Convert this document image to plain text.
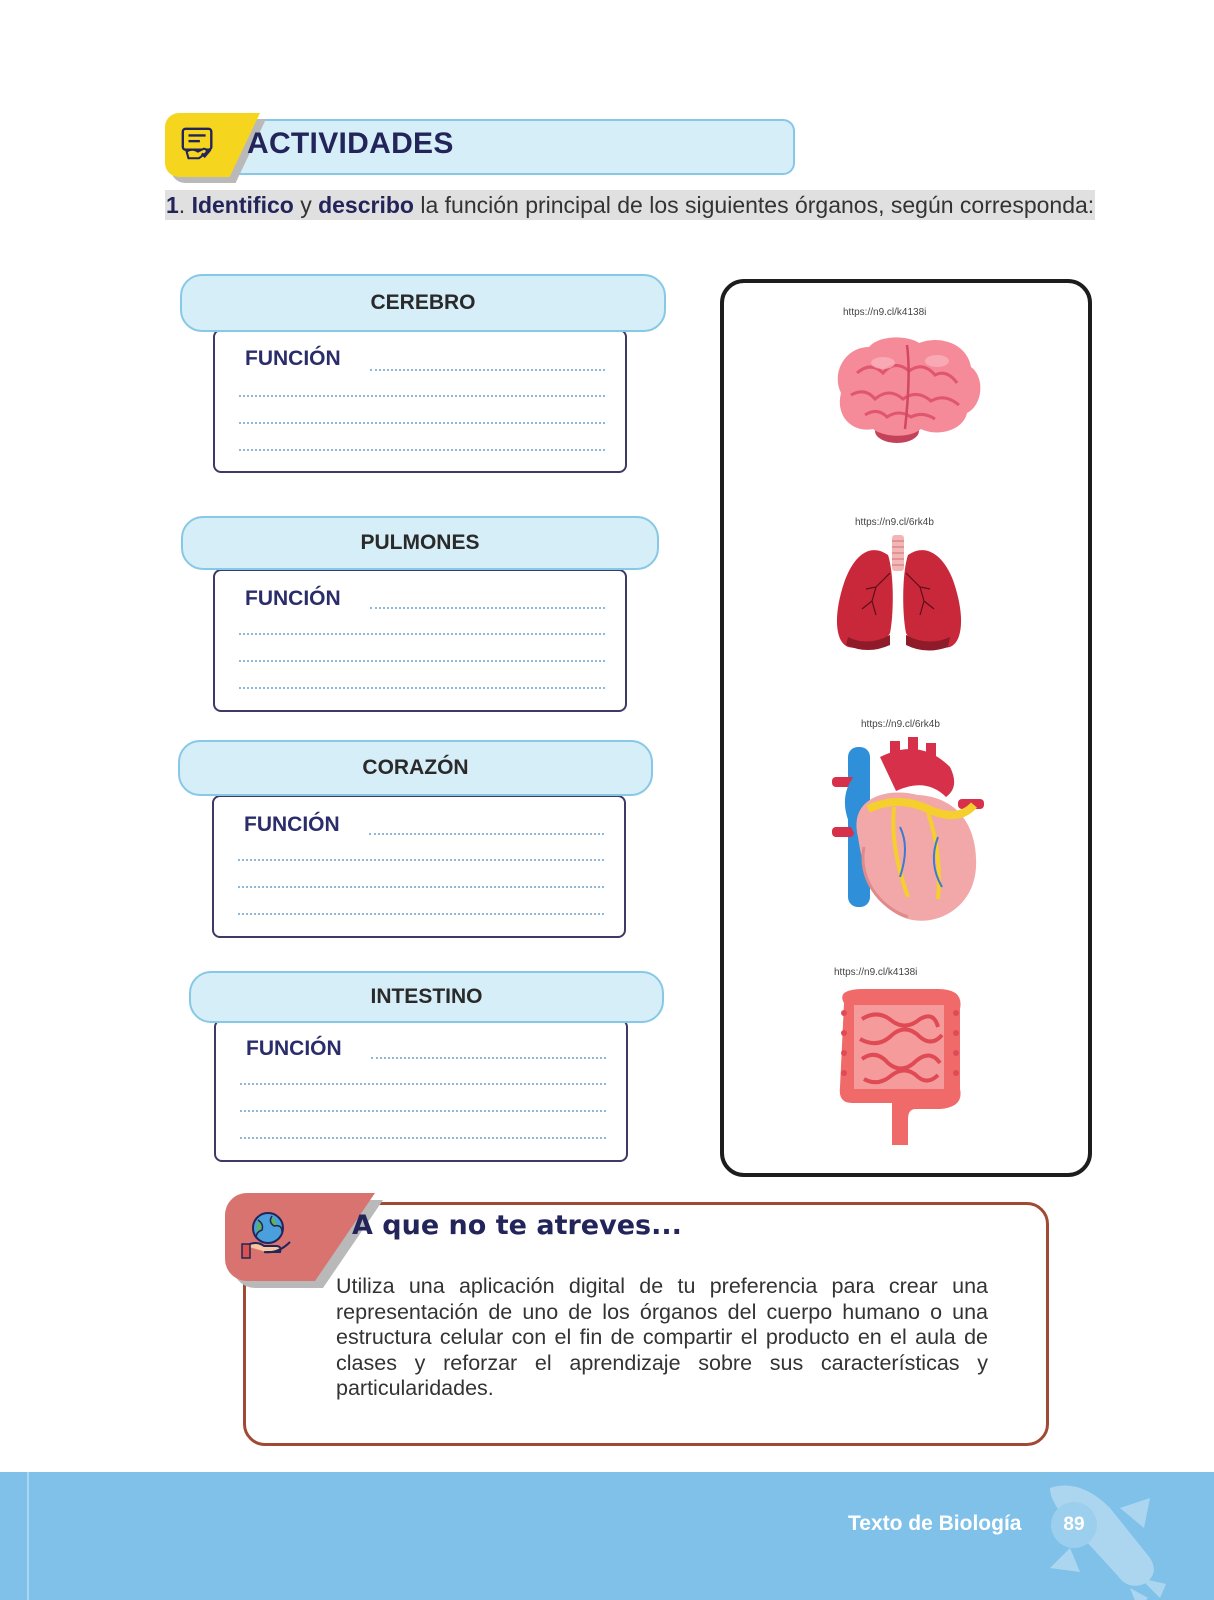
ACTIVIDADES
1. Identifico y describo la función principal de los siguientes órganos, según corresponda:
CEREBRO
FUNCIÓN
PULMONES
FUNCIÓN
CORAZÓN
FUNCIÓN
INTESTINO
FUNCIÓN
https://n9.cl/k4138i
https://n9.cl/6rk4b
https://n9.cl/6rk4b
https://n9.cl/k4138i
A que no te atreves...
Utiliza una aplicación digital de tu preferencia para crear una representación de uno de los órganos del cuerpo humano o una estructura celular con el fin de compartir el producto en el aula de clases y reforzar el aprendizaje sobre sus características y particularidades.
Texto de Biología	89
